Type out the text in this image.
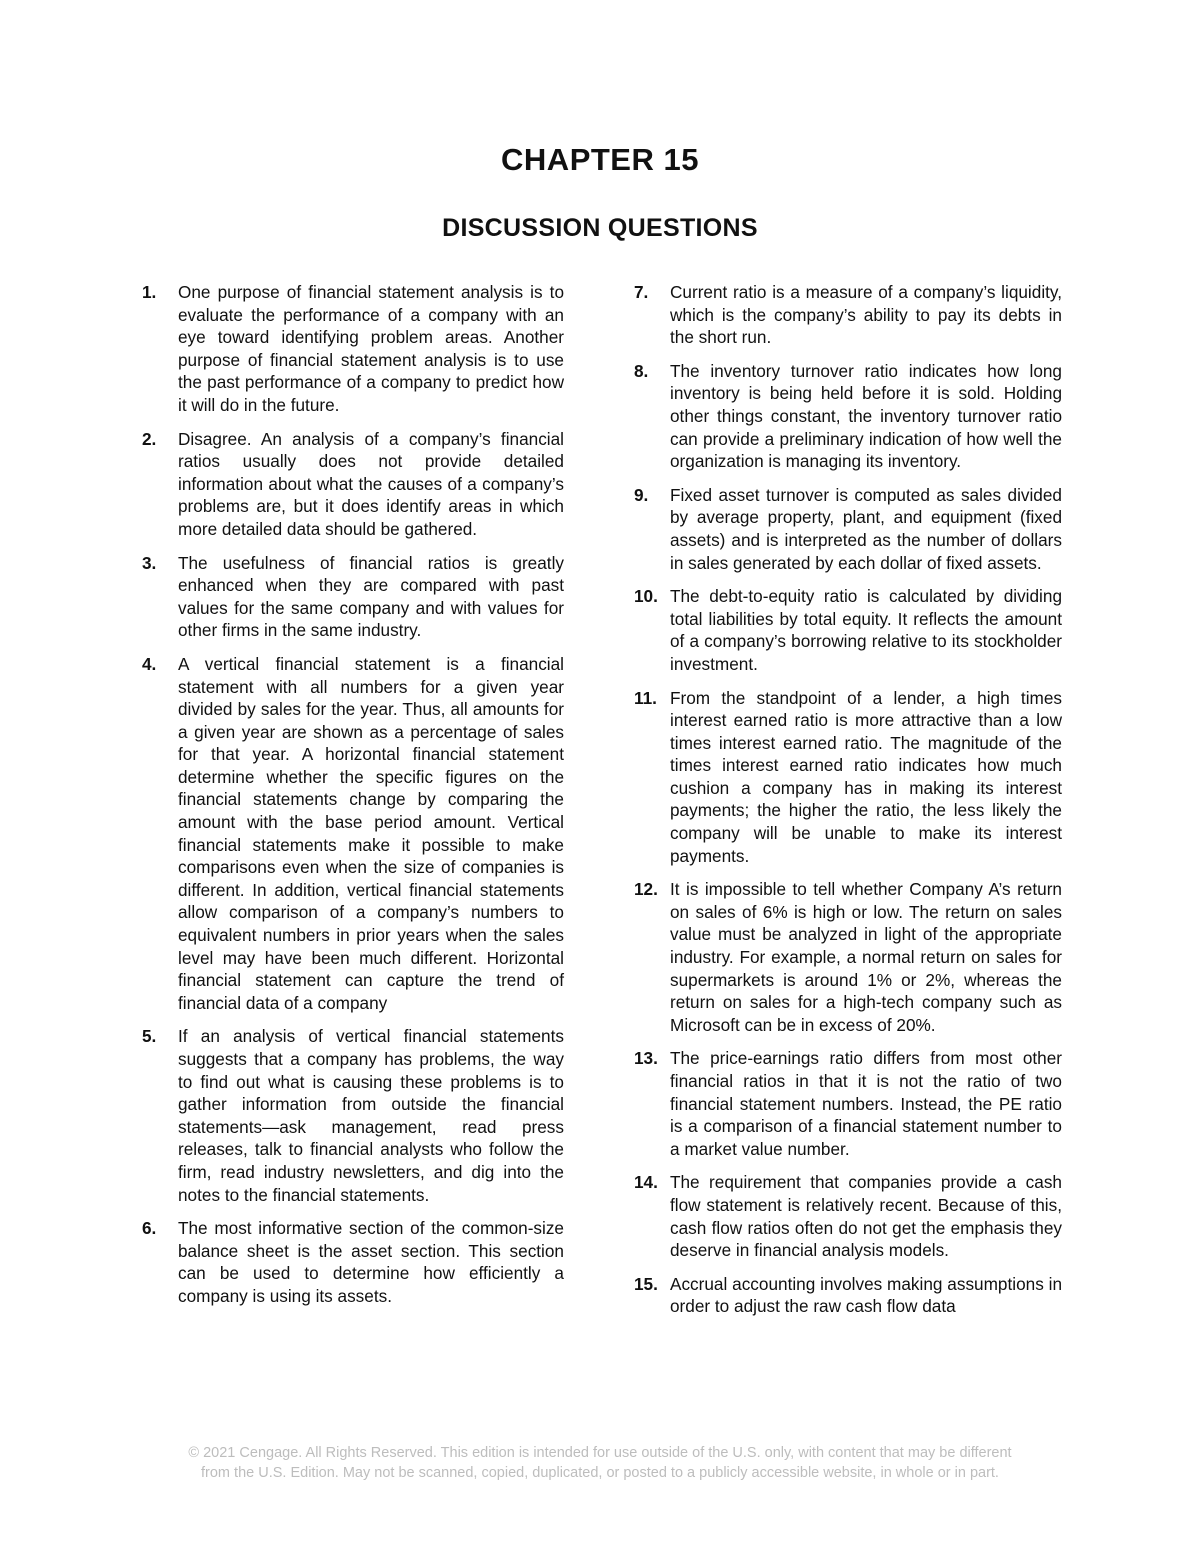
CHAPTER 15
DISCUSSION QUESTIONS
1.	One purpose of financial statement analysis is to evaluate the performance of a company with an eye toward identifying problem areas. Another purpose of financial statement analysis is to use the past performance of a company to predict how it will do in the future.
2.	Disagree. An analysis of a company’s financial ratios usually does not provide detailed information about what the causes of a company’s problems are, but it does identify areas in which more detailed data should be gathered.
3.	The usefulness of financial ratios is greatly enhanced when they are compared with past values for the same company and with values for other firms in the same industry.
4.	A vertical financial statement is a financial statement with all numbers for a given year divided by sales for the year. Thus, all amounts for a given year are shown as a percentage of sales for that year. A horizontal financial statement determine whether the specific figures on the financial statements change by comparing the amount with the base period amount. Vertical financial statements make it possible to make comparisons even when the size of companies is different. In addition, vertical financial statements allow comparison of a company’s numbers to equivalent numbers in prior years when the sales level may have been much different. Horizontal financial statement can capture the trend of financial data of a company
5.	If an analysis of vertical financial statements suggests that a company has problems, the way to find out what is causing these problems is to gather information from outside the financial statements—ask management, read press releases, talk to financial analysts who follow the firm, read industry newsletters, and dig into the notes to the financial statements.
6.	The most informative section of the common-size balance sheet is the asset section. This section can be used to determine how efficiently a company is using its assets.
7.	Current ratio is a measure of a company’s liquidity, which is the company’s ability to pay its debts in the short run.
8.	The inventory turnover ratio indicates how long inventory is being held before it is sold. Holding other things constant, the inventory turnover ratio can provide a preliminary indication of how well the organization is managing its inventory.
9.	Fixed asset turnover is computed as sales divided by average property, plant, and equipment (fixed assets) and is interpreted as the number of dollars in sales generated by each dollar of fixed assets.
10. The debt-to-equity ratio is calculated by dividing total liabilities by total equity. It reflects the amount of a company’s borrowing relative to its stockholder investment.
11. From the standpoint of a lender, a high times interest earned ratio is more attractive than a low times interest earned ratio. The magnitude of the times interest earned ratio indicates how much cushion a company has in making its interest payments; the higher the ratio, the less likely the company will be unable to make its interest payments.
12. It is impossible to tell whether Company A’s return on sales of 6% is high or low. The return on sales value must be analyzed in light of the appropriate industry. For example, a normal return on sales for supermarkets is around 1% or 2%, whereas the return on sales for a high-tech company such as Microsoft can be in excess of 20%.
13. The price-earnings ratio differs from most other financial ratios in that it is not the ratio of two financial statement numbers. Instead, the PE ratio is a comparison of a financial statement number to a market value number.
14. The requirement that companies provide a cash flow statement is relatively recent. Because of this, cash flow ratios often do not get the emphasis they deserve in financial analysis models.
15. Accrual accounting involves making assumptions in order to adjust the raw cash flow data
© 2021 Cengage. All Rights Reserved. This edition is intended for use outside of the U.S. only, with content that may be different
from the U.S. Edition. May not be scanned, copied, duplicated, or posted to a publicly accessible website, in whole or in part.
